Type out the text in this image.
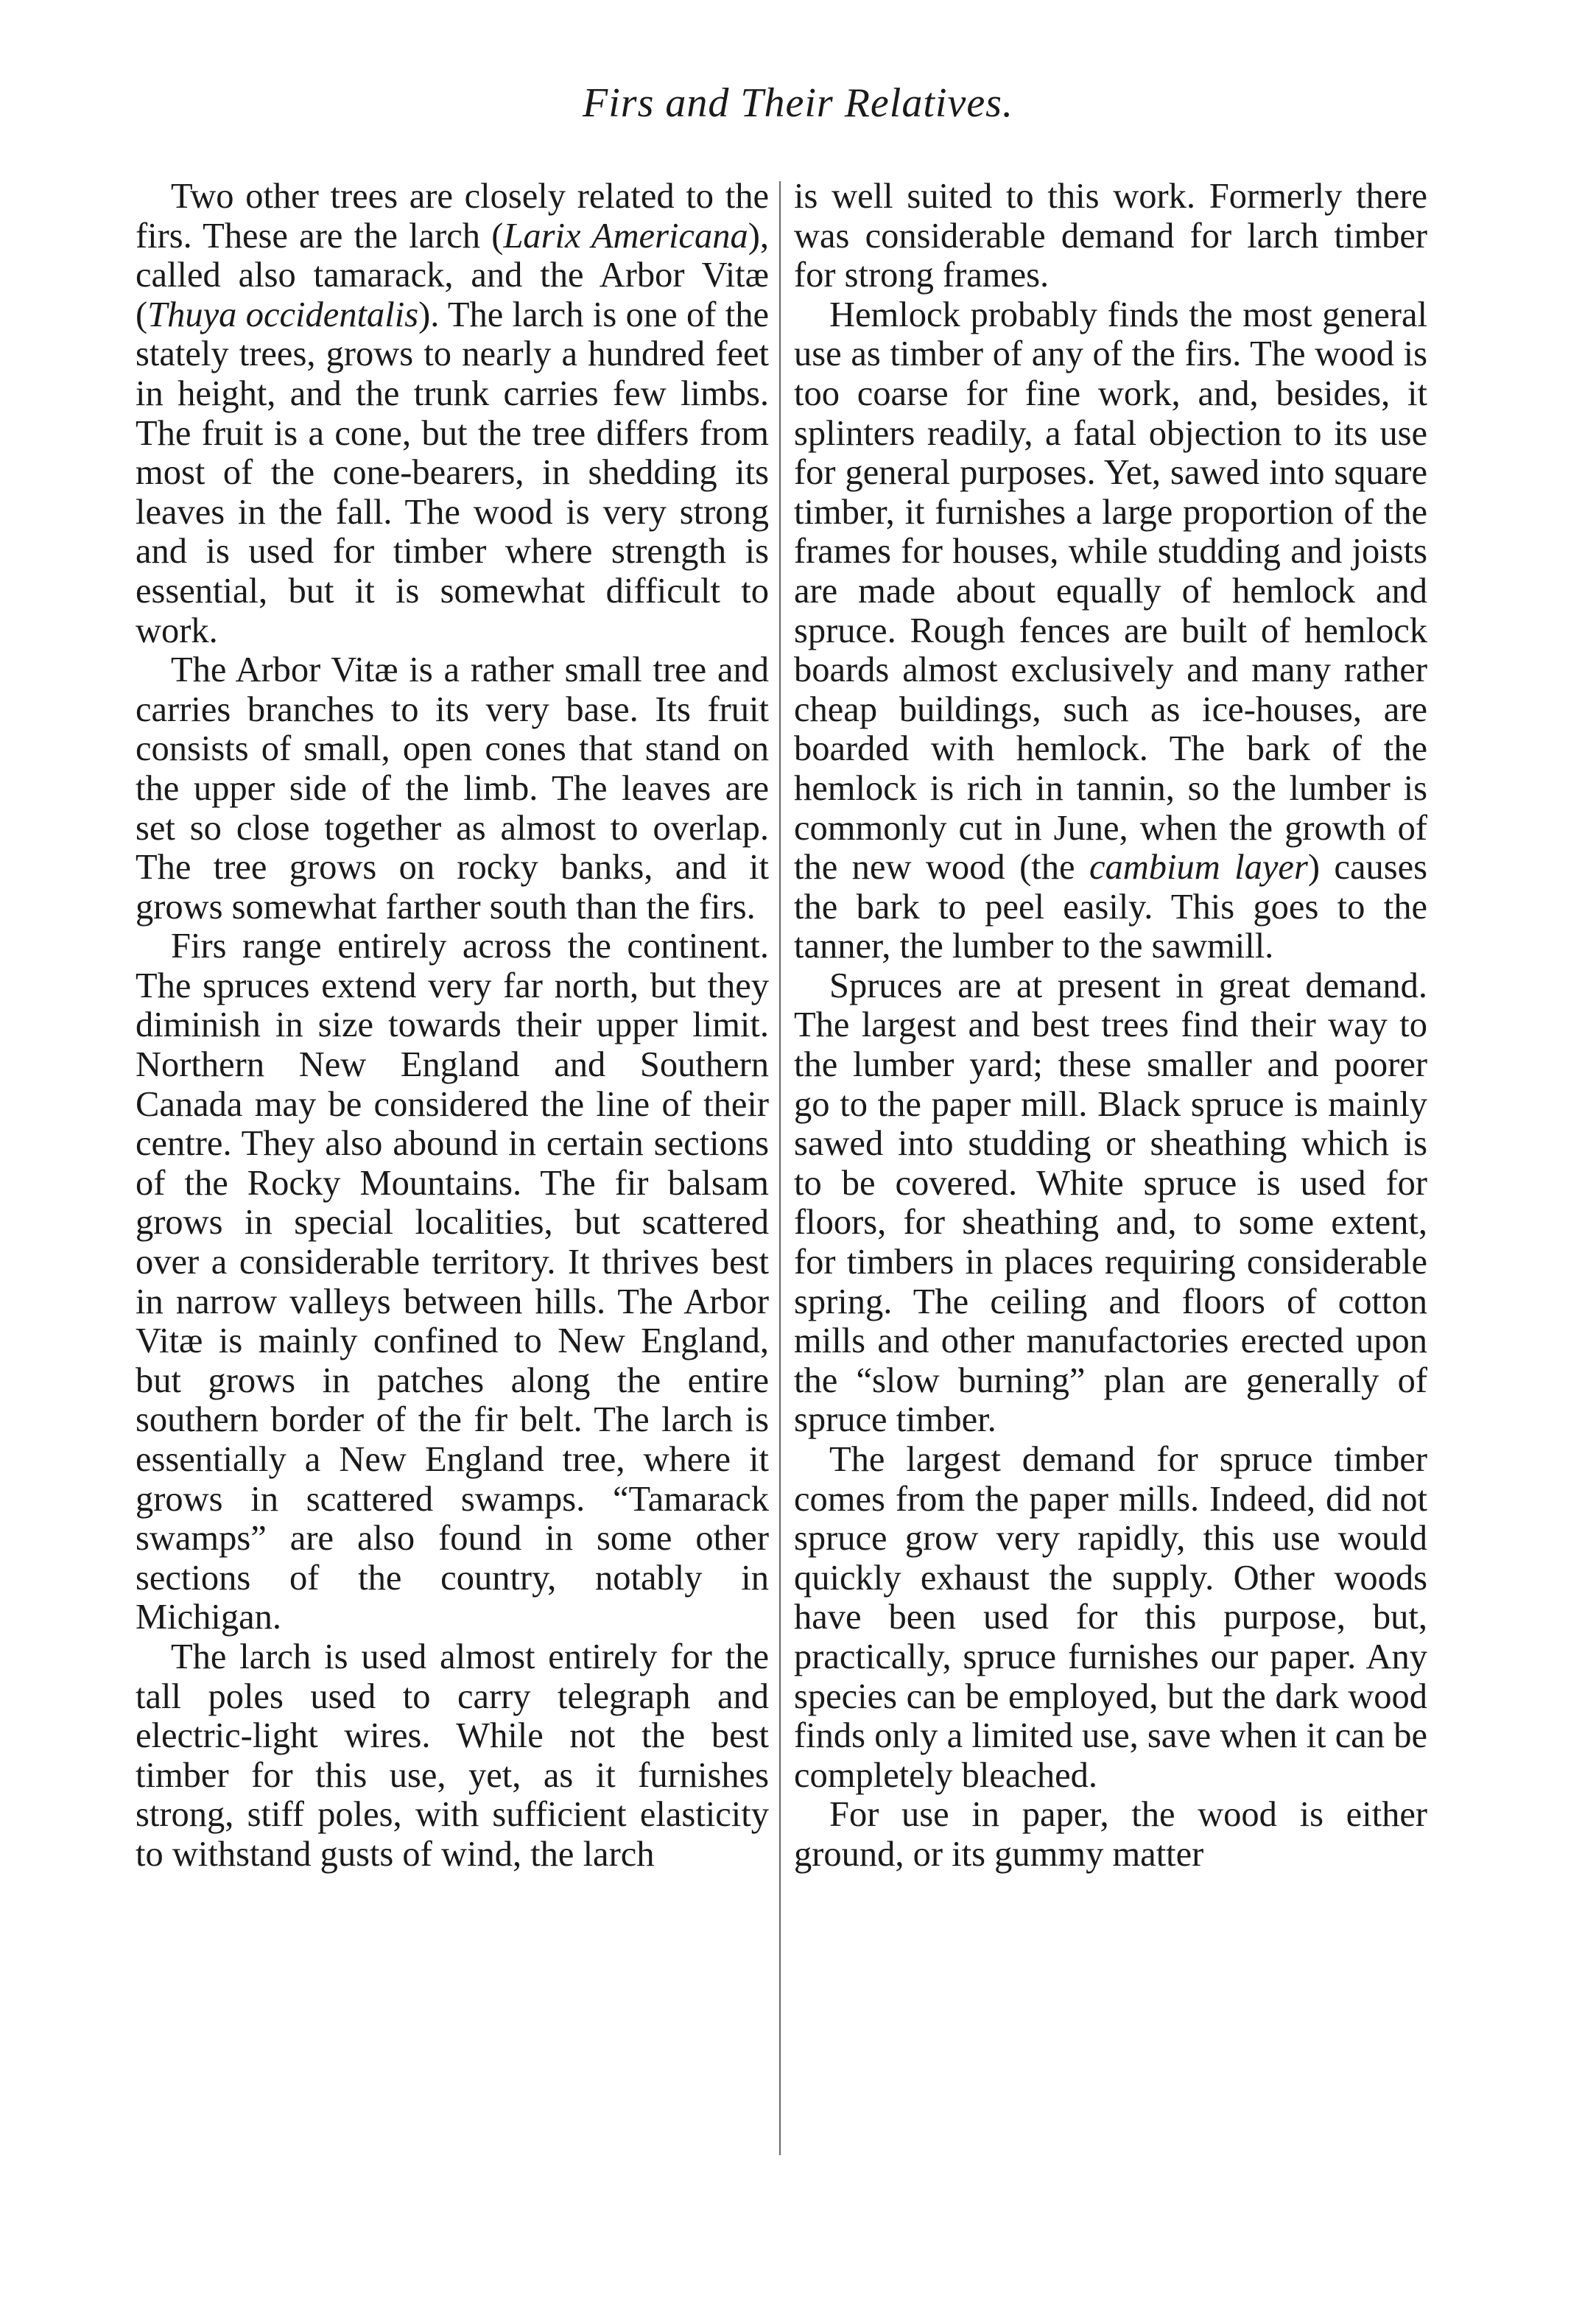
Firs and Their Relatives.

Two other trees are closely related to the firs. These are the larch (Larix Americana), called also tamarack, and the Arbor Vitæ (Thuya occidentalis). The larch is one of the stately trees, grows to nearly a hundred feet in height, and the trunk carries few limbs. The fruit is a cone, but the tree differs from most of the cone-bearers, in shedding its leaves in the fall. The wood is very strong and is used for timber where strength is essential, but it is somewhat difficult to work.

The Arbor Vitæ is a rather small tree and carries branches to its very base. Its fruit consists of small, open cones that stand on the upper side of the limb. The leaves are set so close together as almost to overlap. The tree grows on rocky banks, and it grows somewhat farther south than the firs.

Firs range entirely across the continent. The spruces extend very far north, but they diminish in size towards their upper limit. Northern New England and Southern Canada may be considered the line of their centre. They also abound in certain sections of the Rocky Mountains. The fir balsam grows in special localities, but scattered over a considerable territory. It thrives best in narrow valleys between hills. The Arbor Vitæ is mainly confined to New England, but grows in patches along the entire southern border of the fir belt. The larch is essentially a New England tree, where it grows in scattered swamps. “Tamarack swamps” are also found in some other sections of the country, notably in Michigan.

The larch is used almost entirely for the tall poles used to carry telegraph and electric-light wires. While not the best timber for this use, yet, as it furnishes strong, stiff poles, with sufficient elasticity to withstand gusts of wind, the larch

is well suited to this work. Formerly there was considerable demand for larch timber for strong frames.

Hemlock probably finds the most general use as timber of any of the firs. The wood is too coarse for fine work, and, besides, it splinters readily, a fatal objection to its use for general purposes. Yet, sawed into square timber, it furnishes a large proportion of the frames for houses, while studding and joists are made about equally of hemlock and spruce. Rough fences are built of hemlock boards almost exclusively and many rather cheap buildings, such as ice-houses, are boarded with hemlock. The bark of the hemlock is rich in tannin, so the lumber is commonly cut in June, when the growth of the new wood (the cambium layer) causes the bark to peel easily. This goes to the tanner, the lumber to the sawmill.

Spruces are at present in great demand. The largest and best trees find their way to the lumber yard; these smaller and poorer go to the paper mill. Black spruce is mainly sawed into studding or sheathing which is to be covered. White spruce is used for floors, for sheathing and, to some extent, for timbers in places requiring considerable spring. The ceiling and floors of cotton mills and other manufactories erected upon the “slow burning” plan are generally of spruce timber.

The largest demand for spruce timber comes from the paper mills. Indeed, did not spruce grow very rapidly, this use would quickly exhaust the supply. Other woods have been used for this purpose, but, practically, spruce furnishes our paper. Any species can be employed, but the dark wood finds only a limited use, save when it can be completely bleached.

For use in paper, the wood is either ground, or its gummy matter
